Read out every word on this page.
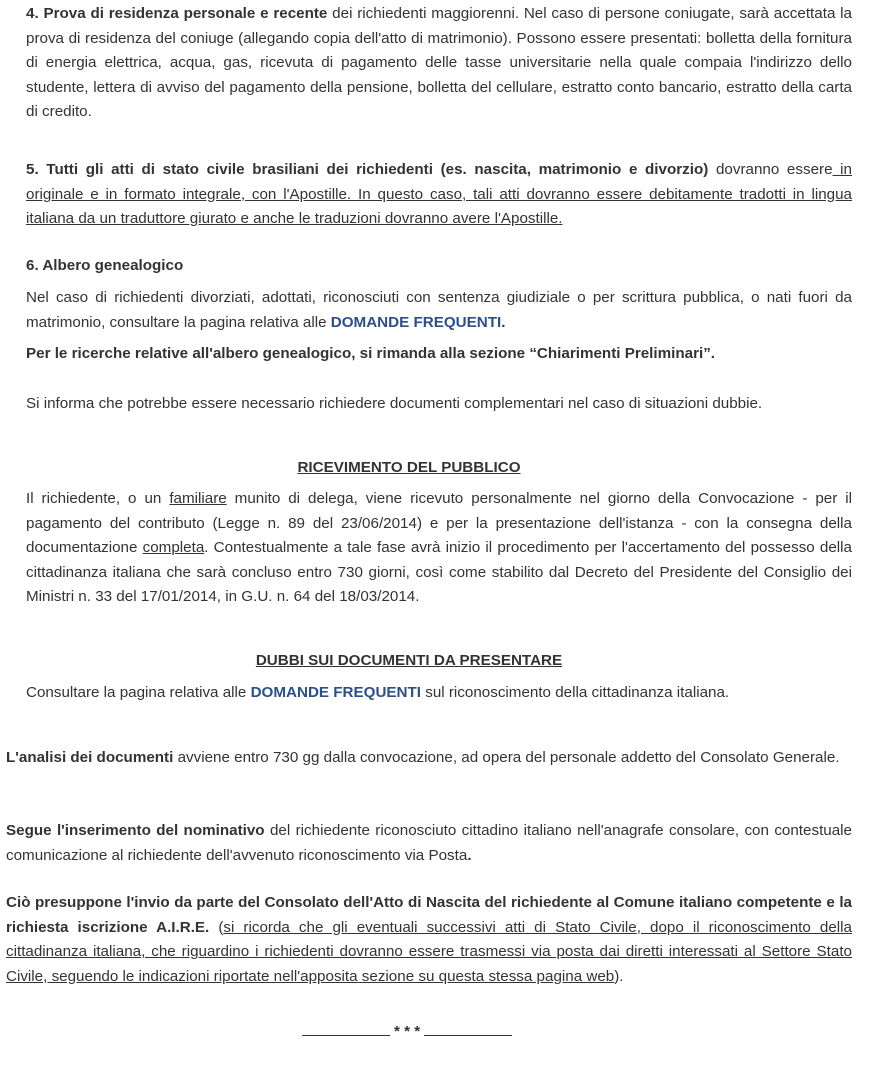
4. Prova di residenza personale e recente dei richiedenti maggiorenni. Nel caso di persone coniugate, sarà accettata la prova di residenza del coniuge (allegando copia dell'atto di matrimonio). Possono essere presentati: bolletta della fornitura di energia elettrica, acqua, gas, ricevuta di pagamento delle tasse universitarie nella quale compaia l'indirizzo dello studente, lettera di avviso del pagamento della pensione, bolletta del cellulare, estratto conto bancario, estratto della carta di credito.

5. Tutti gli atti di stato civile brasiliani dei richiedenti (es. nascita, matrimonio e divorzio) dovranno essere in originale e in formato integrale, con l'Apostille. In questo caso, tali atti dovranno essere debitamente tradotti in lingua italiana da un traduttore giurato e anche le traduzioni dovranno avere l'Apostille.

6. Albero genealogico

Nel caso di richiedenti divorziati, adottati, riconosciuti con sentenza giudiziale o per scrittura pubblica, o nati fuori da matrimonio, consultare la pagina relativa alle DOMANDE FREQUENTI.

Per le ricerche relative all'albero genealogico, si rimanda alla sezione “Chiarimenti Preliminari”.

Si informa che potrebbe essere necessario richiedere documenti complementari nel caso di situazioni dubbie.

RICEVIMENTO DEL PUBBLICO

Il richiedente, o un familiare munito di delega, viene ricevuto personalmente nel giorno della Convocazione - per il pagamento del contributo (Legge n. 89 del 23/06/2014) e per la presentazione dell'istanza - con la consegna della documentazione completa. Contestualmente a tale fase avrà inizio il procedimento per l'accertamento del possesso della cittadinanza italiana che sarà concluso entro 730 giorni, così come stabilito dal Decreto del Presidente del Consiglio dei Ministri n. 33 del 17/01/2014, in G.U. n. 64 del 18/03/2014.

DUBBI SUI DOCUMENTI DA PRESENTARE

Consultare la pagina relativa alle DOMANDE FREQUENTI sul riconoscimento della cittadinanza italiana.

L'analisi dei documenti avviene entro 730 gg dalla convocazione, ad opera del personale addetto del Consolato Generale.

Segue l'inserimento del nominativo del richiedente riconosciuto cittadino italiano nell'anagrafe consolare, con contestuale comunicazione al richiedente dell'avvenuto riconoscimento via Posta.

Ciò presuppone l'invio da parte del Consolato dell'Atto di Nascita del richiedente al Comune italiano competente e la richiesta iscrizione A.I.R.E. (si ricorda che gli eventuali successivi atti di Stato Civile, dopo il riconoscimento della cittadinanza italiana, che riguardino i richiedenti dovranno essere trasmessi via posta dai diretti interessati al Settore Stato Civile, seguendo le indicazioni riportate nell'apposita sezione su questa stessa pagina web).

* * *
